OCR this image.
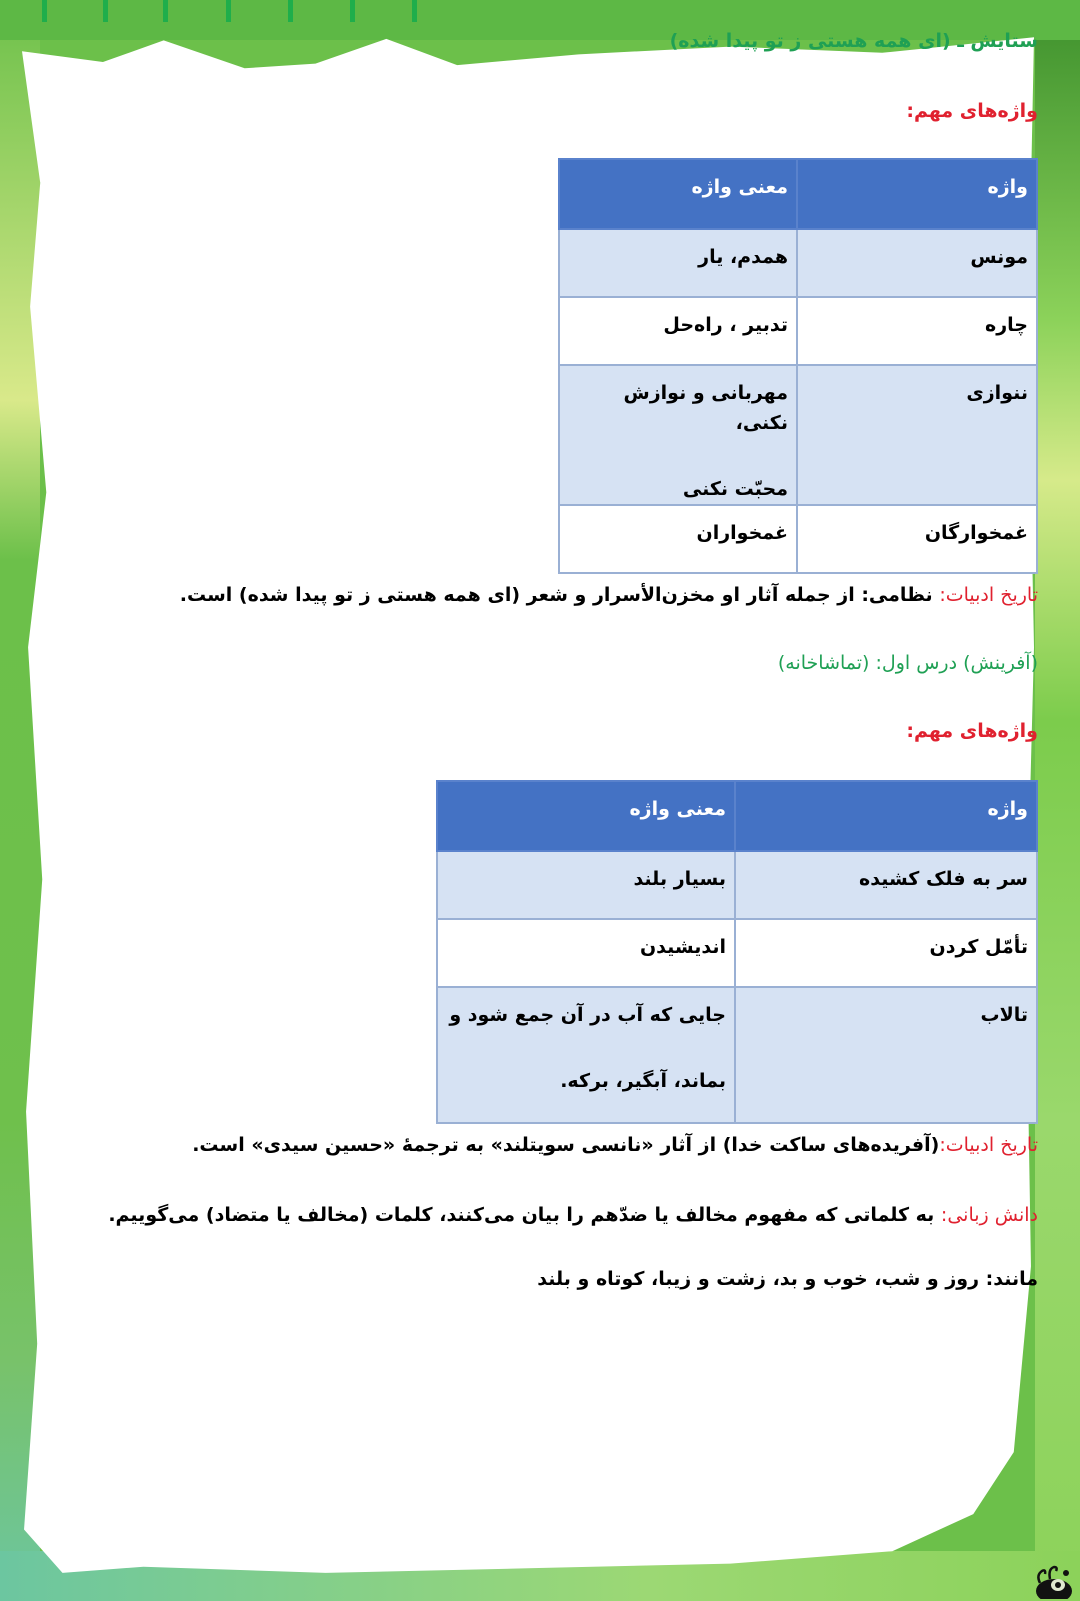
ستایش ـ (ای همه هستی ز تو پیدا شده)
واژه‌های مهم:
واژه	معنی واژه
مونس	همدم، یار

چاره	تدبیر ، راه‌حل

ننوازی	مهربانی و نوازش نکنی،
محبّت نکنی

غمخوارگان	غمخواران
تاریخ ادبیات: نظامی: از جمله آثار او مخزن‌الأسرار و شعر (ای همه هستی ز تو پیدا شده) است.
(آفرینش) درس اول: (تماشاخانه)
واژه‌های مهم:
واژه	معنی واژه
سر به فلک کشیده	بسیار بلند

تأمّل کردن	اندیشیدن

تالاب	جایی که آب در آن جمع شود و
بماند، آبگیر، برکه.
تاریخ ادبیات:(آفریده‌های ساکت خدا) از آثار «نانسی سویتلند» به ترجمهٔ «حسین سیدی» است.
دانش زبانی: به کلماتی که مفهوم مخالف یا ضدّهم را بیان می‌کنند، کلمات (مخالف یا متضاد) می‌گوییم.
مانند: روز و شب، خوب و بد، زشت و زیبا، کوتاه و بلند
